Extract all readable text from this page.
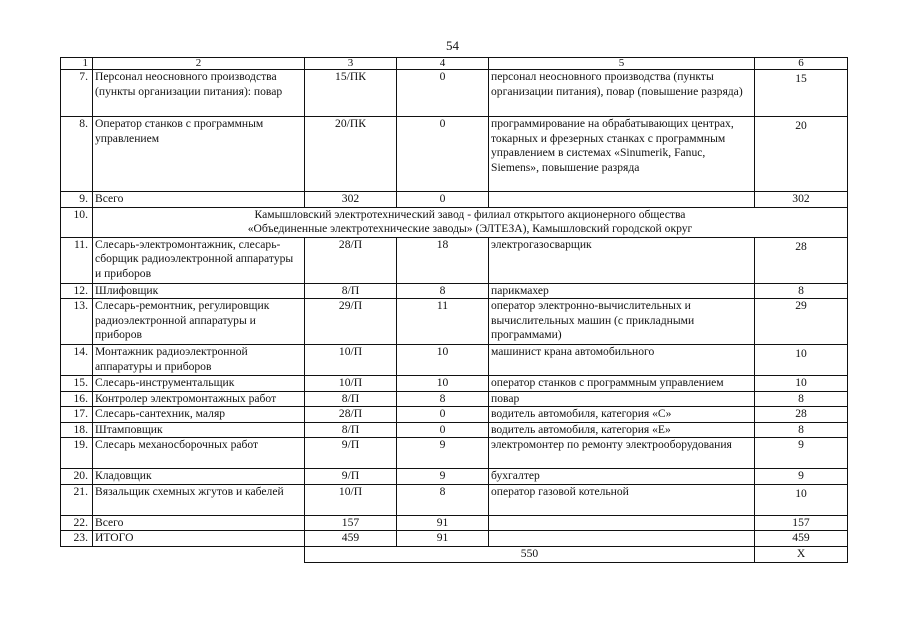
54
1	2	3	4	5	6
7.	Персонал неосновного производства (пункты организации питания): повар	15/ПК	0	персонал неосновного производства (пункты организации питания), повар (повышение разряда)	15
8.	Оператор станков с программным управлением	20/ПК	0	программирование на обрабатывающих центрах, токарных и фрезерных станках с программным управлением в системах «Sinumerik, Fanuc, Siemens», повышение разряда	20
9.	Всего	302	0		302
10.	Камышловский электротехнический завод - филиал открытого акционерного общества
«Объединенные электротехнические заводы» (ЭЛТЕЗА), Камышловский городской округ				

11.	Слесарь-электромонтажник, слесарь-сборщик радиоэлектронной аппаратуры и приборов	28/П	18	электрогазосварщик	28
12.	Шлифовщик	8/П	8	парикмахер	8
13.	Слесарь-ремонтник, регулировщик радиоэлектронной аппаратуры и приборов	29/П	11	оператор электронно-вычислительных и вычислительных машин (с прикладными программами)	29
14.	Монтажник радиоэлектронной аппаратуры и приборов	10/П	10	машинист крана автомобильного	10
15.	Слесарь-инструментальщик	10/П	10	оператор станков с программным управлением	10
16.	Контролер электромонтажных работ	8/П	8	повар	8
17.	Слесарь-сантехник, маляр	28/П	0	водитель автомобиля, категория «С»	28
18.	Штамповщик	8/П	0	водитель автомобиля, категория «Е»	8
19.	Слесарь механосборочных работ	9/П	9	электромонтер по ремонту электрооборудования	9
20.	Кладовщик	9/П	9	бухгалтер	9
21.	Вязальщик схемных жгутов и кабелей	10/П	8	оператор газовой котельной	10
22.	Всего	157	91		157
23.	ИТОГО	459	91		459
		550			X
